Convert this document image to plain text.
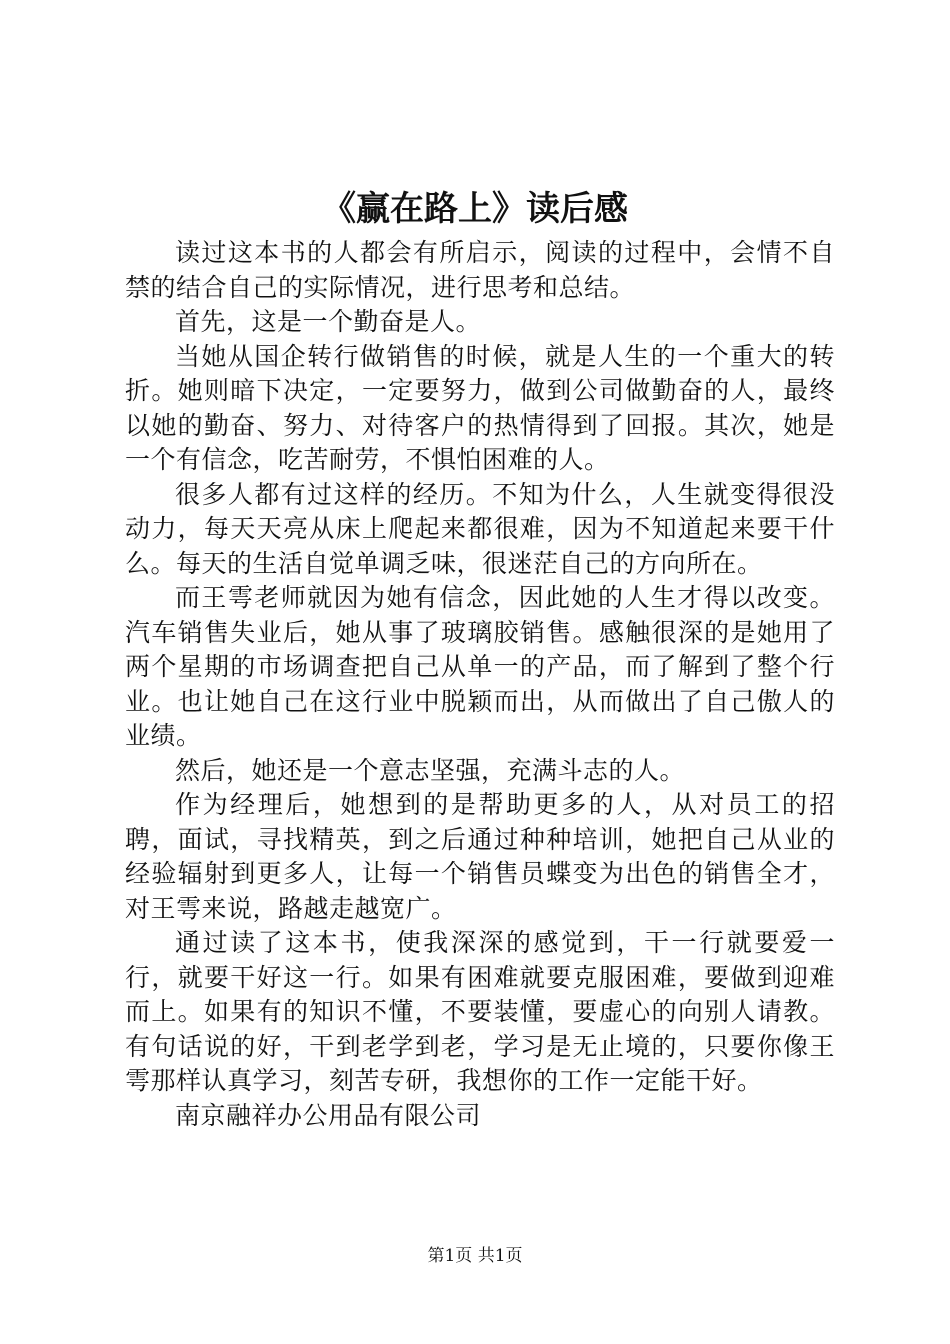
《赢在路上》读后感

读过这本书的人都会有所启示，阅读的过程中，会情不自禁的结合自己的实际情况，进行思考和总结。

首先，这是一个勤奋是人。

当她从国企转行做销售的时候，就是人生的一个重大的转折。她则暗下决定，一定要努力，做到公司做勤奋的人，最终以她的勤奋、努力、对待客户的热情得到了回报。其次，她是一个有信念，吃苦耐劳，不惧怕困难的人。

很多人都有过这样的经历。不知为什么，人生就变得很没动力，每天天亮从床上爬起来都很难，因为不知道起来要干什么。每天的生活自觉单调乏味，很迷茫自己的方向所在。

而王雩老师就因为她有信念，因此她的人生才得以改变。汽车销售失业后，她从事了玻璃胶销售。感触很深的是她用了两个星期的市场调查把自己从单一的产品，而了解到了整个行业。也让她自己在这行业中脱颖而出，从而做出了自己傲人的业绩。

然后，她还是一个意志坚强，充满斗志的人。

作为经理后，她想到的是帮助更多的人，从对员工的招聘，面试，寻找精英，到之后通过种种培训，她把自己从业的经验辐射到更多人，让每一个销售员蝶变为出色的销售全才，对王雩来说，路越走越宽广。

通过读了这本书，使我深深的感觉到，干一行就要爱一行，就要干好这一行。如果有困难就要克服困难，要做到迎难而上。如果有的知识不懂，不要装懂，要虚心的向别人请教。有句话说的好，干到老学到老，学习是无止境的，只要你像王雩那样认真学习，刻苦专研，我想你的工作一定能干好。

南京融祥办公用品有限公司

第1页 共1页
